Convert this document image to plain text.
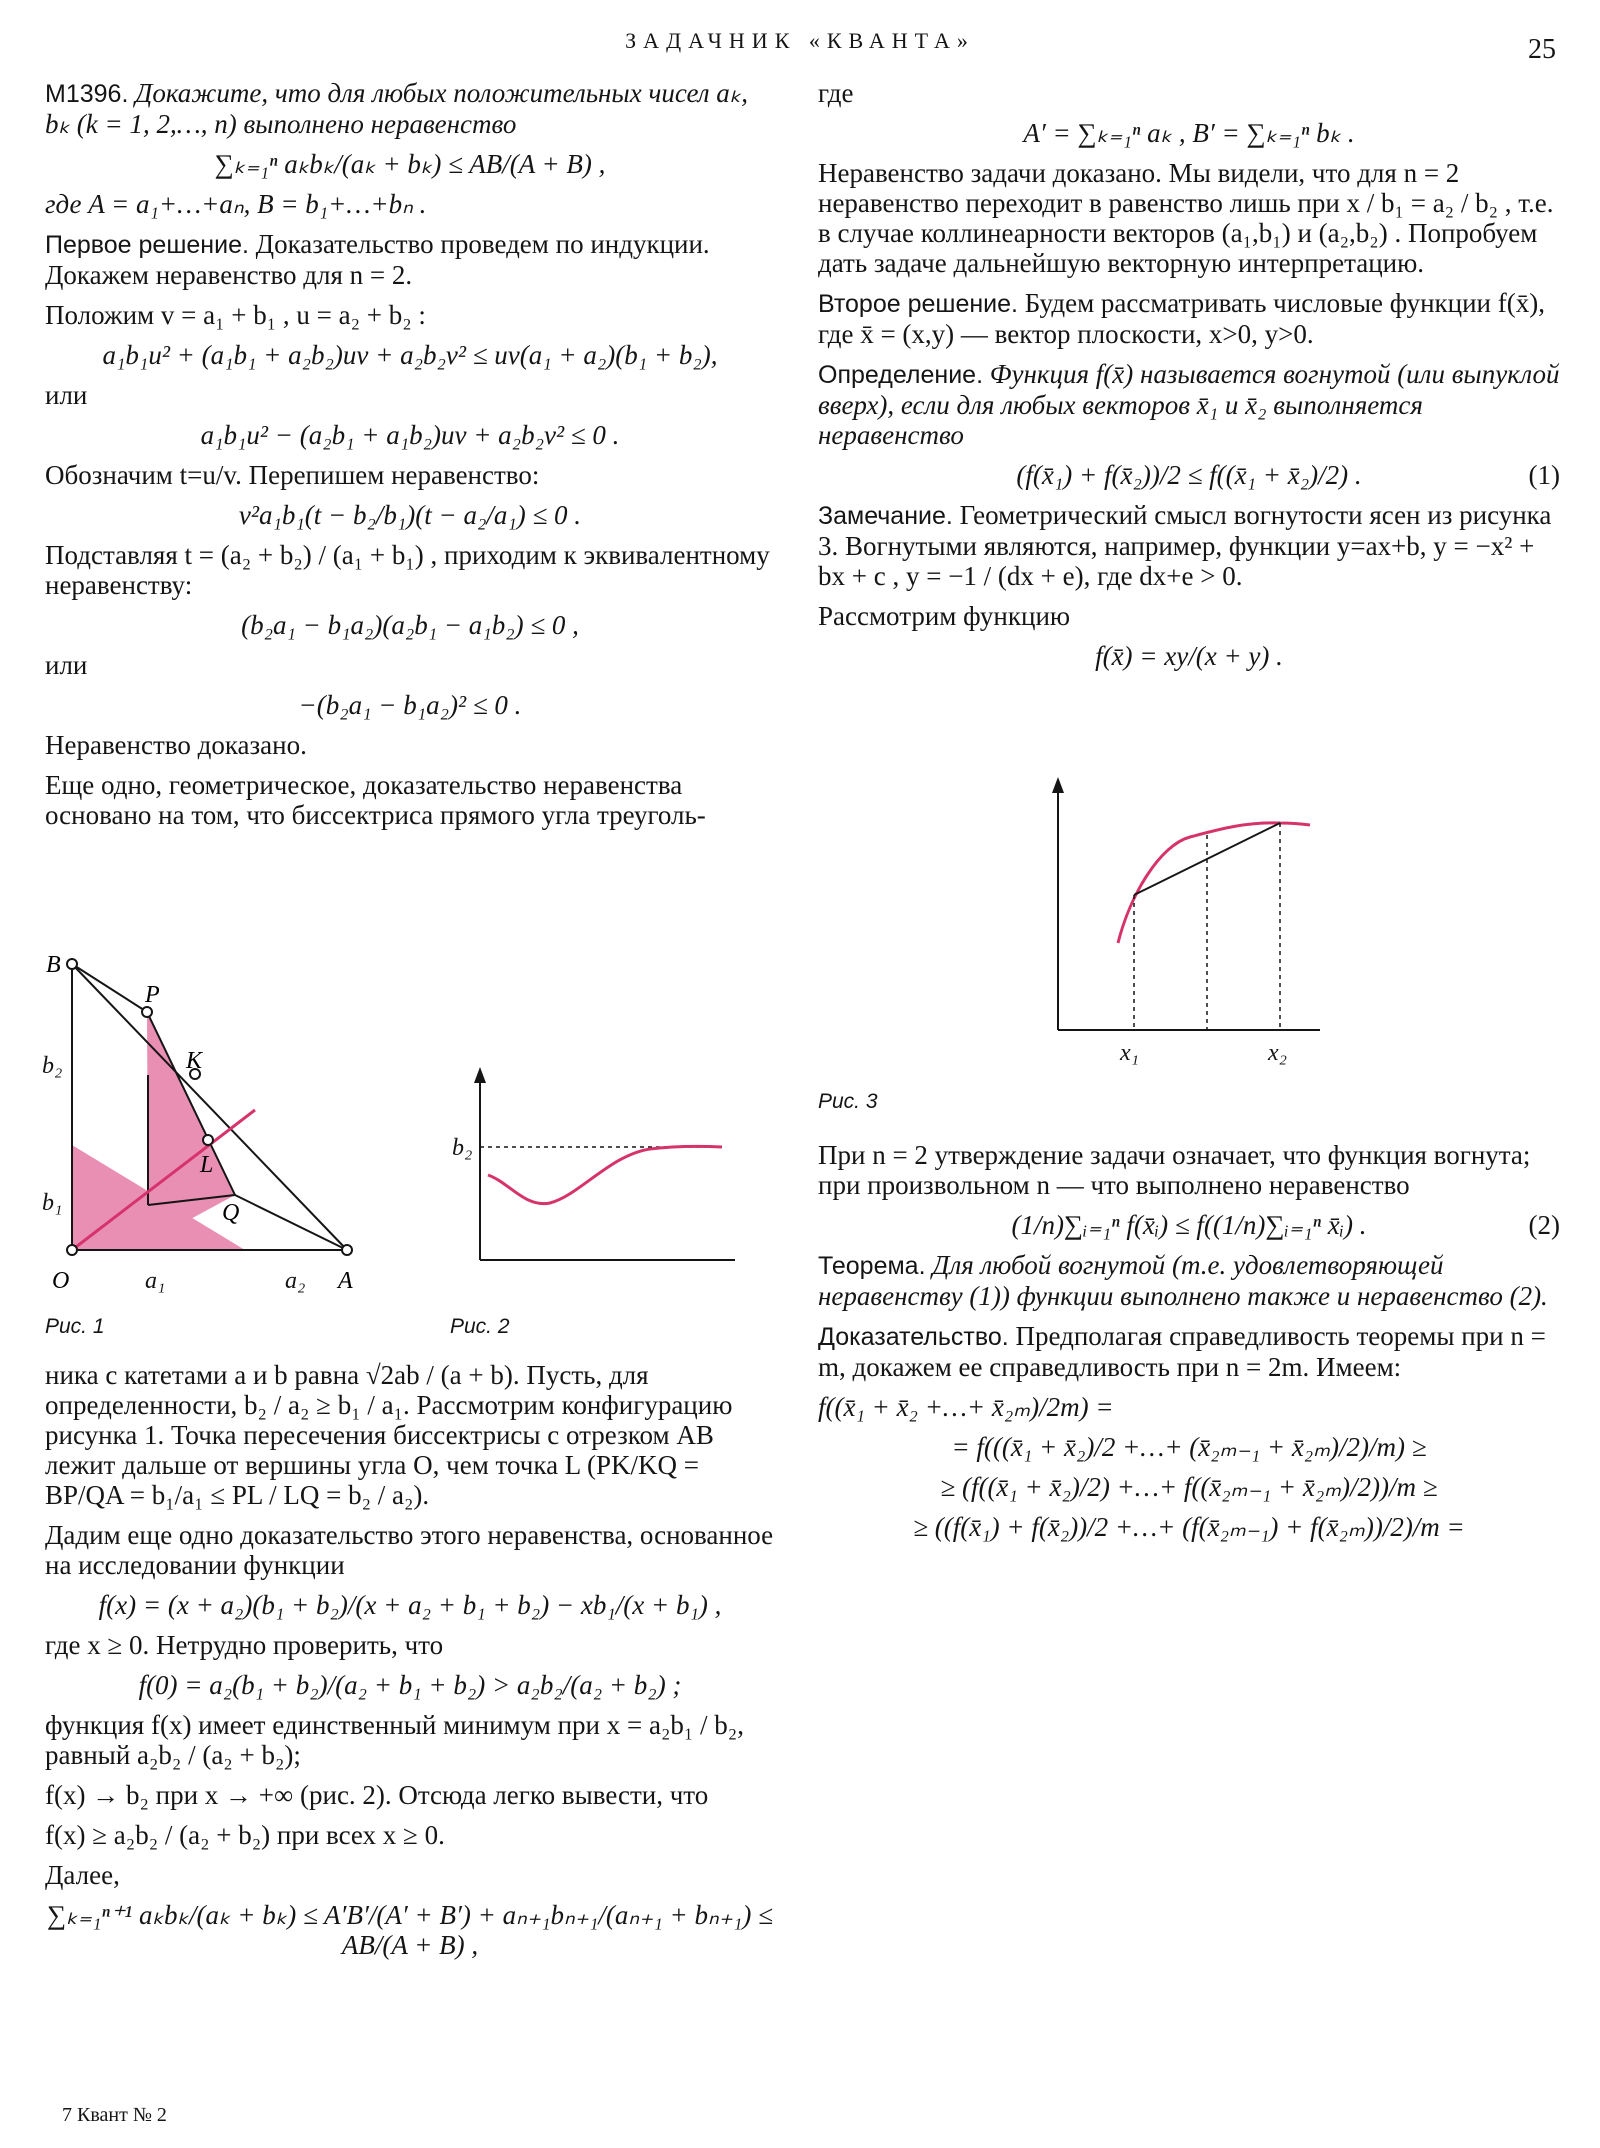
ЗАДАЧНИК «КВАНТА»	25
M1396. Докажите, что для любых положительных чисел aₖ, bₖ (k = 1, 2,…, n) выполнено неравенство
∑ₖ₌₁ⁿ aₖbₖ/(aₖ + bₖ) ≤ AB/(A + B) ,
где A = a₁+…+aₙ, B = b₁+…+bₙ .
Первое решение. Доказательство проведем по индукции. Докажем неравенство для n = 2.
Положим v = a₁ + b₁ , u = a₂ + b₂ :
a₁b₁u² + (a₁b₁ + a₂b₂)uv + a₂b₂v² ≤ uv(a₁ + a₂)(b₁ + b₂),
или
a₁b₁u² − (a₂b₁ + a₁b₂)uv + a₂b₂v² ≤ 0 .
Обозначим t=u/v. Перепишем неравенство:
v²a₁b₁(t − b₂/b₁)(t − a₂/a₁) ≤ 0 .
Подставляя t = (a₂ + b₂) / (a₁ + b₁) , приходим к эквивалентному неравенству:
(b₂a₁ − b₁a₂)(a₂b₁ − a₁b₂) ≤ 0 ,
или
−(b₂a₁ − b₁a₂)² ≤ 0 .
Неравенство доказано.
Еще одно, геометрическое, доказательство неравенства основано на том, что биссектриса прямого угла треуголь-
B
P
K
L
Q
O	A
b₂
b₁
a₁	a₂
Рис. 1
b₂
Рис. 2
ника с катетами a и b равна √2ab / (a + b). Пусть, для определенности, b₂ / a₂ ≥ b₁ / a₁. Рассмотрим конфигурацию рисунка 1. Точка пересечения биссектрисы с отрезком AB лежит дальше от вершины угла O, чем точка L (PK/KQ = BP/QA = b₁/a₁ ≤ PL / LQ = b₂ / a₂).
Дадим еще одно доказательство этого неравенства, основанное на исследовании функции
f(x) = (x + a₂)(b₁ + b₂)/(x + a₂ + b₁ + b₂) − xb₁/(x + b₁) ,
где x ≥ 0. Нетрудно проверить, что
f(0) = a₂(b₁ + b₂)/(a₂ + b₁ + b₂) > a₂b₂/(a₂ + b₂) ;
функция f(x) имеет единственный минимум при x = a₂b₁ / b₂, равный a₂b₂ / (a₂ + b₂);
f(x) → b₂ при x → +∞ (рис. 2). Отсюда легко вывести, что
f(x) ≥ a₂b₂ / (a₂ + b₂) при всех x ≥ 0.
Далее,
∑ₖ₌₁ⁿ⁺¹ aₖbₖ/(aₖ + bₖ) ≤ A′B′/(A′ + B′) + aₙ₊₁bₙ₊₁/(aₙ₊₁ + bₙ₊₁) ≤ AB/(A + B) ,
где
A′ = ∑ₖ₌₁ⁿ aₖ , B′ = ∑ₖ₌₁ⁿ bₖ .
Неравенство задачи доказано. Мы видели, что для n = 2 неравенство переходит в равенство лишь при x / b₁ = a₂ / b₂ , т.е. в случае коллинеарности векторов (a₁,b₁) и (a₂,b₂) . Попробуем дать задаче дальнейшую векторную интерпретацию.
Второе решение. Будем рассматривать числовые функции f(x̄), где x̄ = (x,y) — вектор плоскости, x>0, y>0.
Определение. Функция f(x̄) называется вогнутой (или выпуклой вверх), если для любых векторов x̄₁ и x̄₂ выполняется неравенство
(f(x̄₁) + f(x̄₂))/2 ≤ f((x̄₁ + x̄₂)/2) .	(1)
Замечание. Геометрический смысл вогнутости ясен из рисунка 3. Вогнутыми являются, например, функции y=ax+b, y = −x² + bx + c , y = −1 / (dx + e), где dx+e > 0.
Рассмотрим функцию
f(x̄) = xy/(x + y) .
x₁	x₂
Рис. 3
При n = 2 утверждение задачи означает, что функция вогнута; при произвольном n — что выполнено неравенство
(1/n)∑ᵢ₌₁ⁿ f(x̄ᵢ) ≤ f((1/n)∑ᵢ₌₁ⁿ x̄ᵢ) .	(2)
Теорема. Для любой вогнутой (т.е. удовлетворяющей неравенству (1)) функции выполнено также и неравенство (2).
Доказательство. Предполагая справедливость теоремы при n = m, докажем ее справедливость при n = 2m. Имеем:
f((x̄₁ + x̄₂ +…+ x̄₂ₘ)/2m) =
= f(((x̄₁ + x̄₂)/2 +…+ (x̄₂ₘ₋₁ + x̄₂ₘ)/2)/m) ≥
≥ (f((x̄₁ + x̄₂)/2) +…+ f((x̄₂ₘ₋₁ + x̄₂ₘ)/2))/m ≥
≥ ((f(x̄₁) + f(x̄₂))/2 +…+ (f(x̄₂ₘ₋₁) + f(x̄₂ₘ))/2)/m =
7 Квант № 2
